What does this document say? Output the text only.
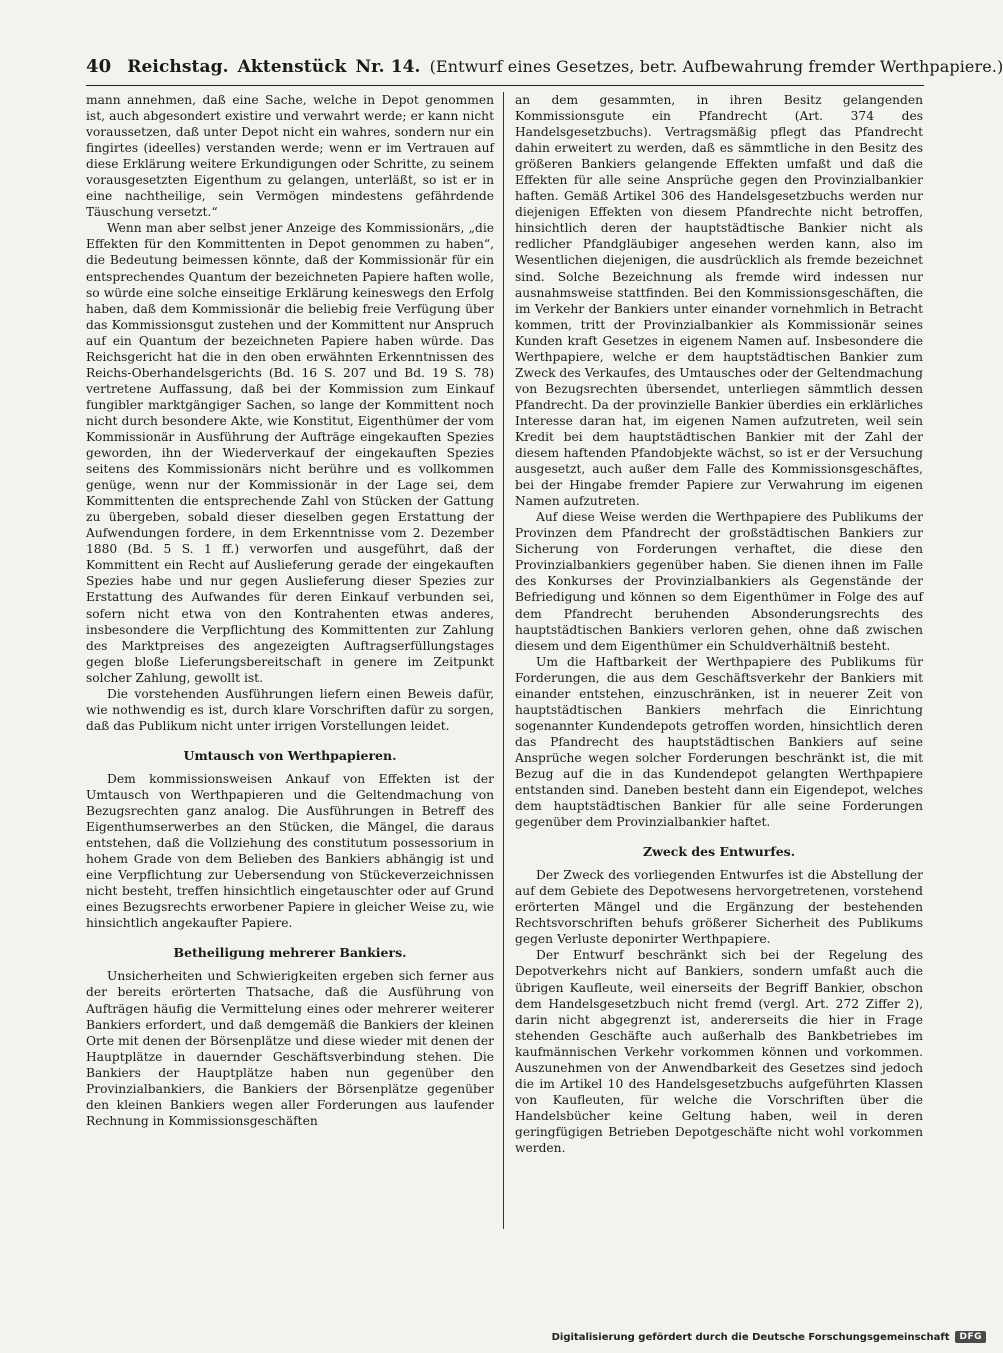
40 Reichstag. Aktenstück Nr. 14. (Entwurf eines Gesetzes, betr. Aufbewahrung fremder Werthpapiere.)

mann annehmen, daß eine Sache, welche in Depot genommen ist, auch abgesondert existire und verwahrt werde; er kann nicht voraussetzen, daß unter Depot nicht ein wahres, sondern nur ein fingirtes (ideelles) verstanden werde; wenn er im Vertrauen auf diese Erklärung weitere Erkundigungen oder Schritte, zu seinem vorausgesetzten Eigenthum zu gelangen, unterläßt, so ist er in eine nachtheilige, sein Vermögen mindestens gefährdende Täuschung versetzt.“

Wenn man aber selbst jener Anzeige des Kommissionärs, „die Effekten für den Kommittenten in Depot genommen zu haben“, die Bedeutung beimessen könnte, daß der Kommissionär für ein entsprechendes Quantum der bezeichneten Papiere haften wolle, so würde eine solche einseitige Erklärung keineswegs den Erfolg haben, daß dem Kommissionär die beliebig freie Verfügung über das Kommissionsgut zustehen und der Kommittent nur Anspruch auf ein Quantum der bezeichneten Papiere haben würde. Das Reichsgericht hat die in den oben erwähnten Erkenntnissen des Reichs-Oberhandelsgerichts (Bd. 16 S. 207 und Bd. 19 S. 78) vertretene Auffassung, daß bei der Kommission zum Einkauf fungibler marktgängiger Sachen, so lange der Kommittent noch nicht durch besondere Akte, wie Konstitut, Eigenthümer der vom Kommissionär in Ausführung der Aufträge eingekauften Spezies geworden, ihn der Wiederverkauf der eingekauften Spezies seitens des Kommissionärs nicht berühre und es vollkommen genüge, wenn nur der Kommissionär in der Lage sei, dem Kommittenten die entsprechende Zahl von Stücken der Gattung zu übergeben, sobald dieser dieselben gegen Erstattung der Aufwendungen fordere, in dem Erkenntnisse vom 2. Dezember 1880 (Bd. 5 S. 1 ff.) verworfen und ausgeführt, daß der Kommittent ein Recht auf Auslieferung gerade der eingekauften Spezies habe und nur gegen Auslieferung dieser Spezies zur Erstattung des Aufwandes für deren Einkauf verbunden sei, sofern nicht etwa von den Kontrahenten etwas anderes, insbesondere die Verpflichtung des Kommittenten zur Zahlung des Marktpreises des angezeigten Auftragserfüllungstages gegen bloße Lieferungsbereitschaft in genere im Zeitpunkt solcher Zahlung, gewollt ist.

Die vorstehenden Ausführungen liefern einen Beweis dafür, wie nothwendig es ist, durch klare Vorschriften dafür zu sorgen, daß das Publikum nicht unter irrigen Vorstellungen leidet.

Umtausch von Werthpapieren.

Dem kommissionsweisen Ankauf von Effekten ist der Umtausch von Werthpapieren und die Geltendmachung von Bezugsrechten ganz analog. Die Ausführungen in Betreff des Eigenthumserwerbes an den Stücken, die Mängel, die daraus entstehen, daß die Vollziehung des constitutum possessorium in hohem Grade von dem Belieben des Bankiers abhängig ist und eine Verpflichtung zur Uebersendung von Stückeverzeichnissen nicht besteht, treffen hinsichtlich eingetauschter oder auf Grund eines Bezugsrechts erworbener Papiere in gleicher Weise zu, wie hinsichtlich angekaufter Papiere.

Betheiligung mehrerer Bankiers.

Unsicherheiten und Schwierigkeiten ergeben sich ferner aus der bereits erörterten Thatsache, daß die Ausführung von Aufträgen häufig die Vermittelung eines oder mehrerer weiterer Bankiers erfordert, und daß demgemäß die Bankiers der kleinen Orte mit denen der Börsenplätze und diese wieder mit denen der Hauptplätze in dauernder Geschäftsverbindung stehen. Die Bankiers der Hauptplätze haben nun gegenüber den Provinzialbankiers, die Bankiers der Börsenplätze gegenüber den kleinen Bankiers wegen aller Forderungen aus laufender Rechnung in Kommissionsgeschäften

an dem gesammten, in ihren Besitz gelangenden Kommissionsgute ein Pfandrecht (Art. 374 des Handelsgesetzbuchs). Vertragsmäßig pflegt das Pfandrecht dahin erweitert zu werden, daß es sämmtliche in den Besitz des größeren Bankiers gelangende Effekten umfaßt und daß die Effekten für alle seine Ansprüche gegen den Provinzialbankier haften. Gemäß Artikel 306 des Handelsgesetzbuchs werden nur diejenigen Effekten von diesem Pfandrechte nicht betroffen, hinsichtlich deren der hauptstädtische Bankier nicht als redlicher Pfandgläubiger angesehen werden kann, also im Wesentlichen diejenigen, die ausdrücklich als fremde bezeichnet sind. Solche Bezeichnung als fremde wird indessen nur ausnahmsweise stattfinden. Bei den Kommissionsgeschäften, die im Verkehr der Bankiers unter einander vornehmlich in Betracht kommen, tritt der Provinzialbankier als Kommissionär seines Kunden kraft Gesetzes in eigenem Namen auf. Insbesondere die Werthpapiere, welche er dem hauptstädtischen Bankier zum Zweck des Verkaufes, des Umtausches oder der Geltendmachung von Bezugsrechten übersendet, unterliegen sämmtlich dessen Pfandrecht. Da der provinzielle Bankier überdies ein erklärliches Interesse daran hat, im eigenen Namen aufzutreten, weil sein Kredit bei dem hauptstädtischen Bankier mit der Zahl der diesem haftenden Pfandobjekte wächst, so ist er der Versuchung ausgesetzt, auch außer dem Falle des Kommissionsgeschäftes, bei der Hingabe fremder Papiere zur Verwahrung im eigenen Namen aufzutreten.

Auf diese Weise werden die Werthpapiere des Publikums der Provinzen dem Pfandrecht der großstädtischen Bankiers zur Sicherung von Forderungen verhaftet, die diese den Provinzialbankiers gegenüber haben. Sie dienen ihnen im Falle des Konkurses der Provinzialbankiers als Gegenstände der Befriedigung und können so dem Eigenthümer in Folge des auf dem Pfandrecht beruhenden Absonderungsrechts des hauptstädtischen Bankiers verloren gehen, ohne daß zwischen diesem und dem Eigenthümer ein Schuldverhältniß besteht.

Um die Haftbarkeit der Werthpapiere des Publikums für Forderungen, die aus dem Geschäftsverkehr der Bankiers mit einander entstehen, einzuschränken, ist in neuerer Zeit von hauptstädtischen Bankiers mehrfach die Einrichtung sogenannter Kundendepots getroffen worden, hinsichtlich deren das Pfandrecht des hauptstädtischen Bankiers auf seine Ansprüche wegen solcher Forderungen beschränkt ist, die mit Bezug auf die in das Kundendepot gelangten Werthpapiere entstanden sind. Daneben besteht dann ein Eigendepot, welches dem hauptstädtischen Bankier für alle seine Forderungen gegenüber dem Provinzialbankier haftet.

Zweck des Entwurfes.

Der Zweck des vorliegenden Entwurfes ist die Abstellung der auf dem Gebiete des Depotwesens hervorgetretenen, vorstehend erörterten Mängel und die Ergänzung der bestehenden Rechtsvorschriften behufs größerer Sicherheit des Publikums gegen Verluste deponirter Werthpapiere.

Der Entwurf beschränkt sich bei der Regelung des Depotverkehrs nicht auf Bankiers, sondern umfaßt auch die übrigen Kaufleute, weil einerseits der Begriff Bankier, obschon dem Handelsgesetzbuch nicht fremd (vergl. Art. 272 Ziffer 2), darin nicht abgegrenzt ist, andererseits die hier in Frage stehenden Geschäfte auch außerhalb des Bankbetriebes im kaufmännischen Verkehr vorkommen können und vorkommen. Auszunehmen von der Anwendbarkeit des Gesetzes sind jedoch die im Artikel 10 des Handelsgesetzbuchs aufgeführten Klassen von Kaufleuten, für welche die Vorschriften über die Handelsbücher keine Geltung haben, weil in deren geringfügigen Betrieben Depotgeschäfte nicht wohl vorkommen werden.

Digitalisierung gefördert durch die Deutsche Forschungsgemeinschaft	DFG
